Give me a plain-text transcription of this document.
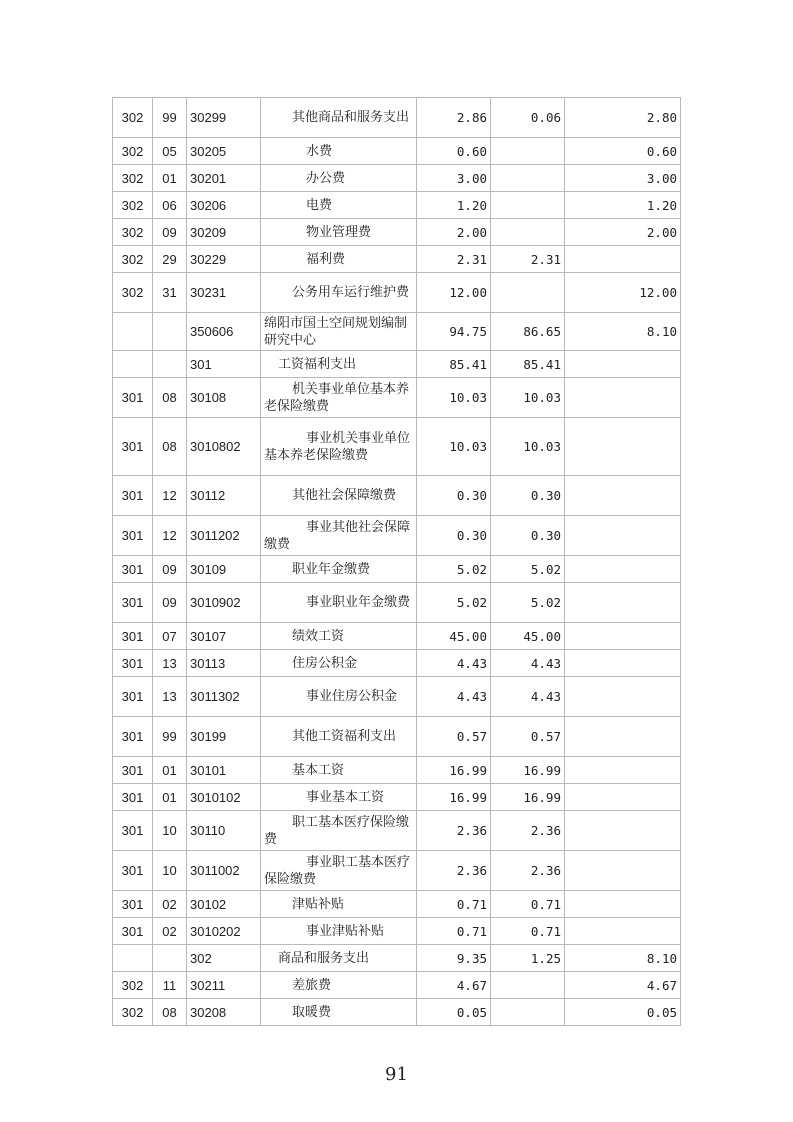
302	99	30299	其他商品和服务支出	2.86	0.06	2.80
302	05	30205	水费	0.60		0.60
302	01	30201	办公费	3.00		3.00
302	06	30206	电费	1.20		1.20
302	09	30209	物业管理费	2.00		2.00
302	29	30229	福利费	2.31	2.31	
302	31	30231	公务用车运行维护费	12.00		12.00
		350606	绵阳市国土空间规划编制研究中心	94.75	86.65	8.10
		301	工资福利支出	85.41	85.41	
301	08	30108	机关事业单位基本养老保险缴费	10.03	10.03	
301	08	3010802	事业机关事业单位基本养老保险缴费	10.03	10.03	
301	12	30112	其他社会保障缴费	0.30	0.30	
301	12	3011202	事业其他社会保障缴费	0.30	0.30	
301	09	30109	职业年金缴费	5.02	5.02	
301	09	3010902	事业职业年金缴费	5.02	5.02	
301	07	30107	绩效工资	45.00	45.00	
301	13	30113	住房公积金	4.43	4.43	
301	13	3011302	事业住房公积金	4.43	4.43	
301	99	30199	其他工资福利支出	0.57	0.57	
301	01	30101	基本工资	16.99	16.99	
301	01	3010102	事业基本工资	16.99	16.99	
301	10	30110	职工基本医疗保险缴费	2.36	2.36	
301	10	3011002	事业职工基本医疗保险缴费	2.36	2.36	
301	02	30102	津贴补贴	0.71	0.71	
301	02	3010202	事业津贴补贴	0.71	0.71	
		302	商品和服务支出	9.35	1.25	8.10
302	11	30211	差旅费	4.67		4.67
302	08	30208	取暖费	0.05		0.05
91
